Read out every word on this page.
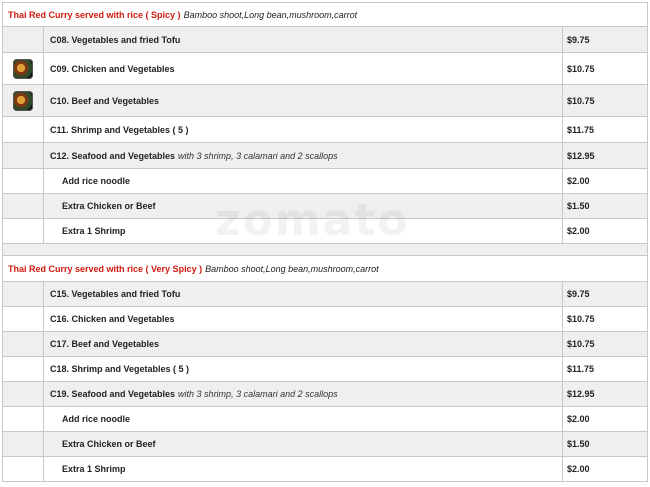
Thai Red Curry served with rice ( Spicy ) Bamboo shoot,Long bean,mushroom,carrot
C08. Vegetables and fried Tofu	$9.75
C09. Chicken and Vegetables	$10.75
C10. Beef and Vegetables	$10.75
C11. Shrimp and Vegetables ( 5 )	$11.75
C12. Seafood and Vegetables with 3 shrimp, 3 calamari and 2 scallops	$12.95
Add rice noodle	$2.00
Extra Chicken or Beef	$1.50
Extra 1 Shrimp	$2.00
Thai Red Curry served with rice ( Very Spicy ) Bamboo shoot,Long bean,mushroom,carrot
C15. Vegetables and fried Tofu	$9.75
C16. Chicken and Vegetables	$10.75
C17. Beef and Vegetables	$10.75
C18. Shrimp and Vegetables ( 5 )	$11.75
C19. Seafood and Vegetables with 3 shrimp, 3 calamari and 2 scallops	$12.95
Add rice noodle	$2.00
Extra Chicken or Beef	$1.50
Extra 1 Shrimp	$2.00
